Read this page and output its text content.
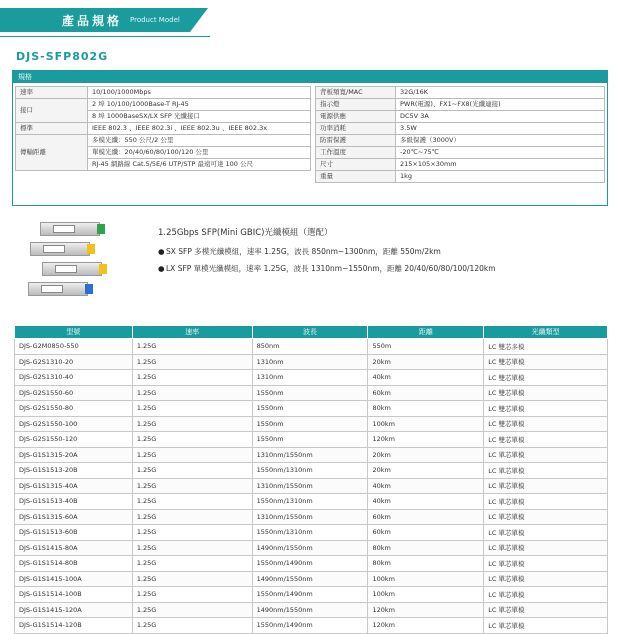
產品規格 Product Model
DJS-SFP802G
規格
速率	10/100/1000Mbps
接口	2 埠 10/100/1000Base-T RJ-45
	8 埠 1000BaseSX/LX SFP 光纖接口
標準	IEEE 802.3 、IEEE 802.3i 、IEEE 802.3u 、IEEE 802.3x
傳輸距離	多模光纖：550 公尺/2 公里
	單模光纖：20/40/60/80/100/120 公里
	RJ-45 網路線 Cat.5/5E/6 UTP/STP 最遠可達 100 公尺
背板頻寬/MAC	32G/16K
指示燈	PWR(電源)、FX1~FX8(光纖連接)
電源供應	DC5V 3A
功率消耗	3.5W
防雷保護	多級保護（3000V）
工作溫度	-20℃~75℃
尺寸	215×105×30mm
重量	1kg
1.25Gbps SFP(Mini GBIC)光纖模組（選配）
●SX SFP 多模光纖模組，速率 1.25G，波長 850nm~1300nm，距離 550m/2km
●LX SFP 單模光纖模組，速率 1.25G，波長 1310nm~1550nm，距離 20/40/60/80/100/120km
型號	速率	波長	距離	光纖類型
DJS-G2M0850-550	1.25G	850nm	550m	LC 雙芯多模
DJS-G2S1310-20	1.25G	1310nm	20km	LC 雙芯單模
DJS-G2S1310-40	1.25G	1310nm	40km	LC 雙芯單模
DJS-G2S1550-60	1.25G	1550nm	60km	LC 雙芯單模
DJS-G2S1550-80	1.25G	1550nm	80km	LC 雙芯單模
DJS-G2S1550-100	1.25G	1550nm	100km	LC 雙芯單模
DJS-G2S1550-120	1.25G	1550nm	120km	LC 雙芯單模
DJS-G1S1315-20A	1.25G	1310nm/1550nm	20km	LC 單芯單模
DJS-G1S1513-20B	1.25G	1550nm/1310nm	20km	LC 單芯單模
DJS-G1S1315-40A	1.25G	1310nm/1550nm	40km	LC 單芯單模
DJS-G1S1513-40B	1.25G	1550nm/1310nm	40km	LC 單芯單模
DJS-G1S1315-60A	1.25G	1310nm/1550nm	60km	LC 單芯單模
DJS-G1S1513-60B	1.25G	1550nm/1310nm	60km	LC 單芯單模
DJS-G1S1415-80A	1.25G	1490nm/1550nm	80km	LC 單芯單模
DJS-G1S1514-80B	1.25G	1550nm/1490nm	80km	LC 單芯單模
DJS-G1S1415-100A	1.25G	1490nm/1550nm	100km	LC 單芯單模
DJS-G1S1514-100B	1.25G	1550nm/1490nm	100km	LC 單芯單模
DJS-G1S1415-120A	1.25G	1490nm/1550nm	120km	LC 單芯單模
DJS-G1S1514-120B	1.25G	1550nm/1490nm	120km	LC 單芯單模
